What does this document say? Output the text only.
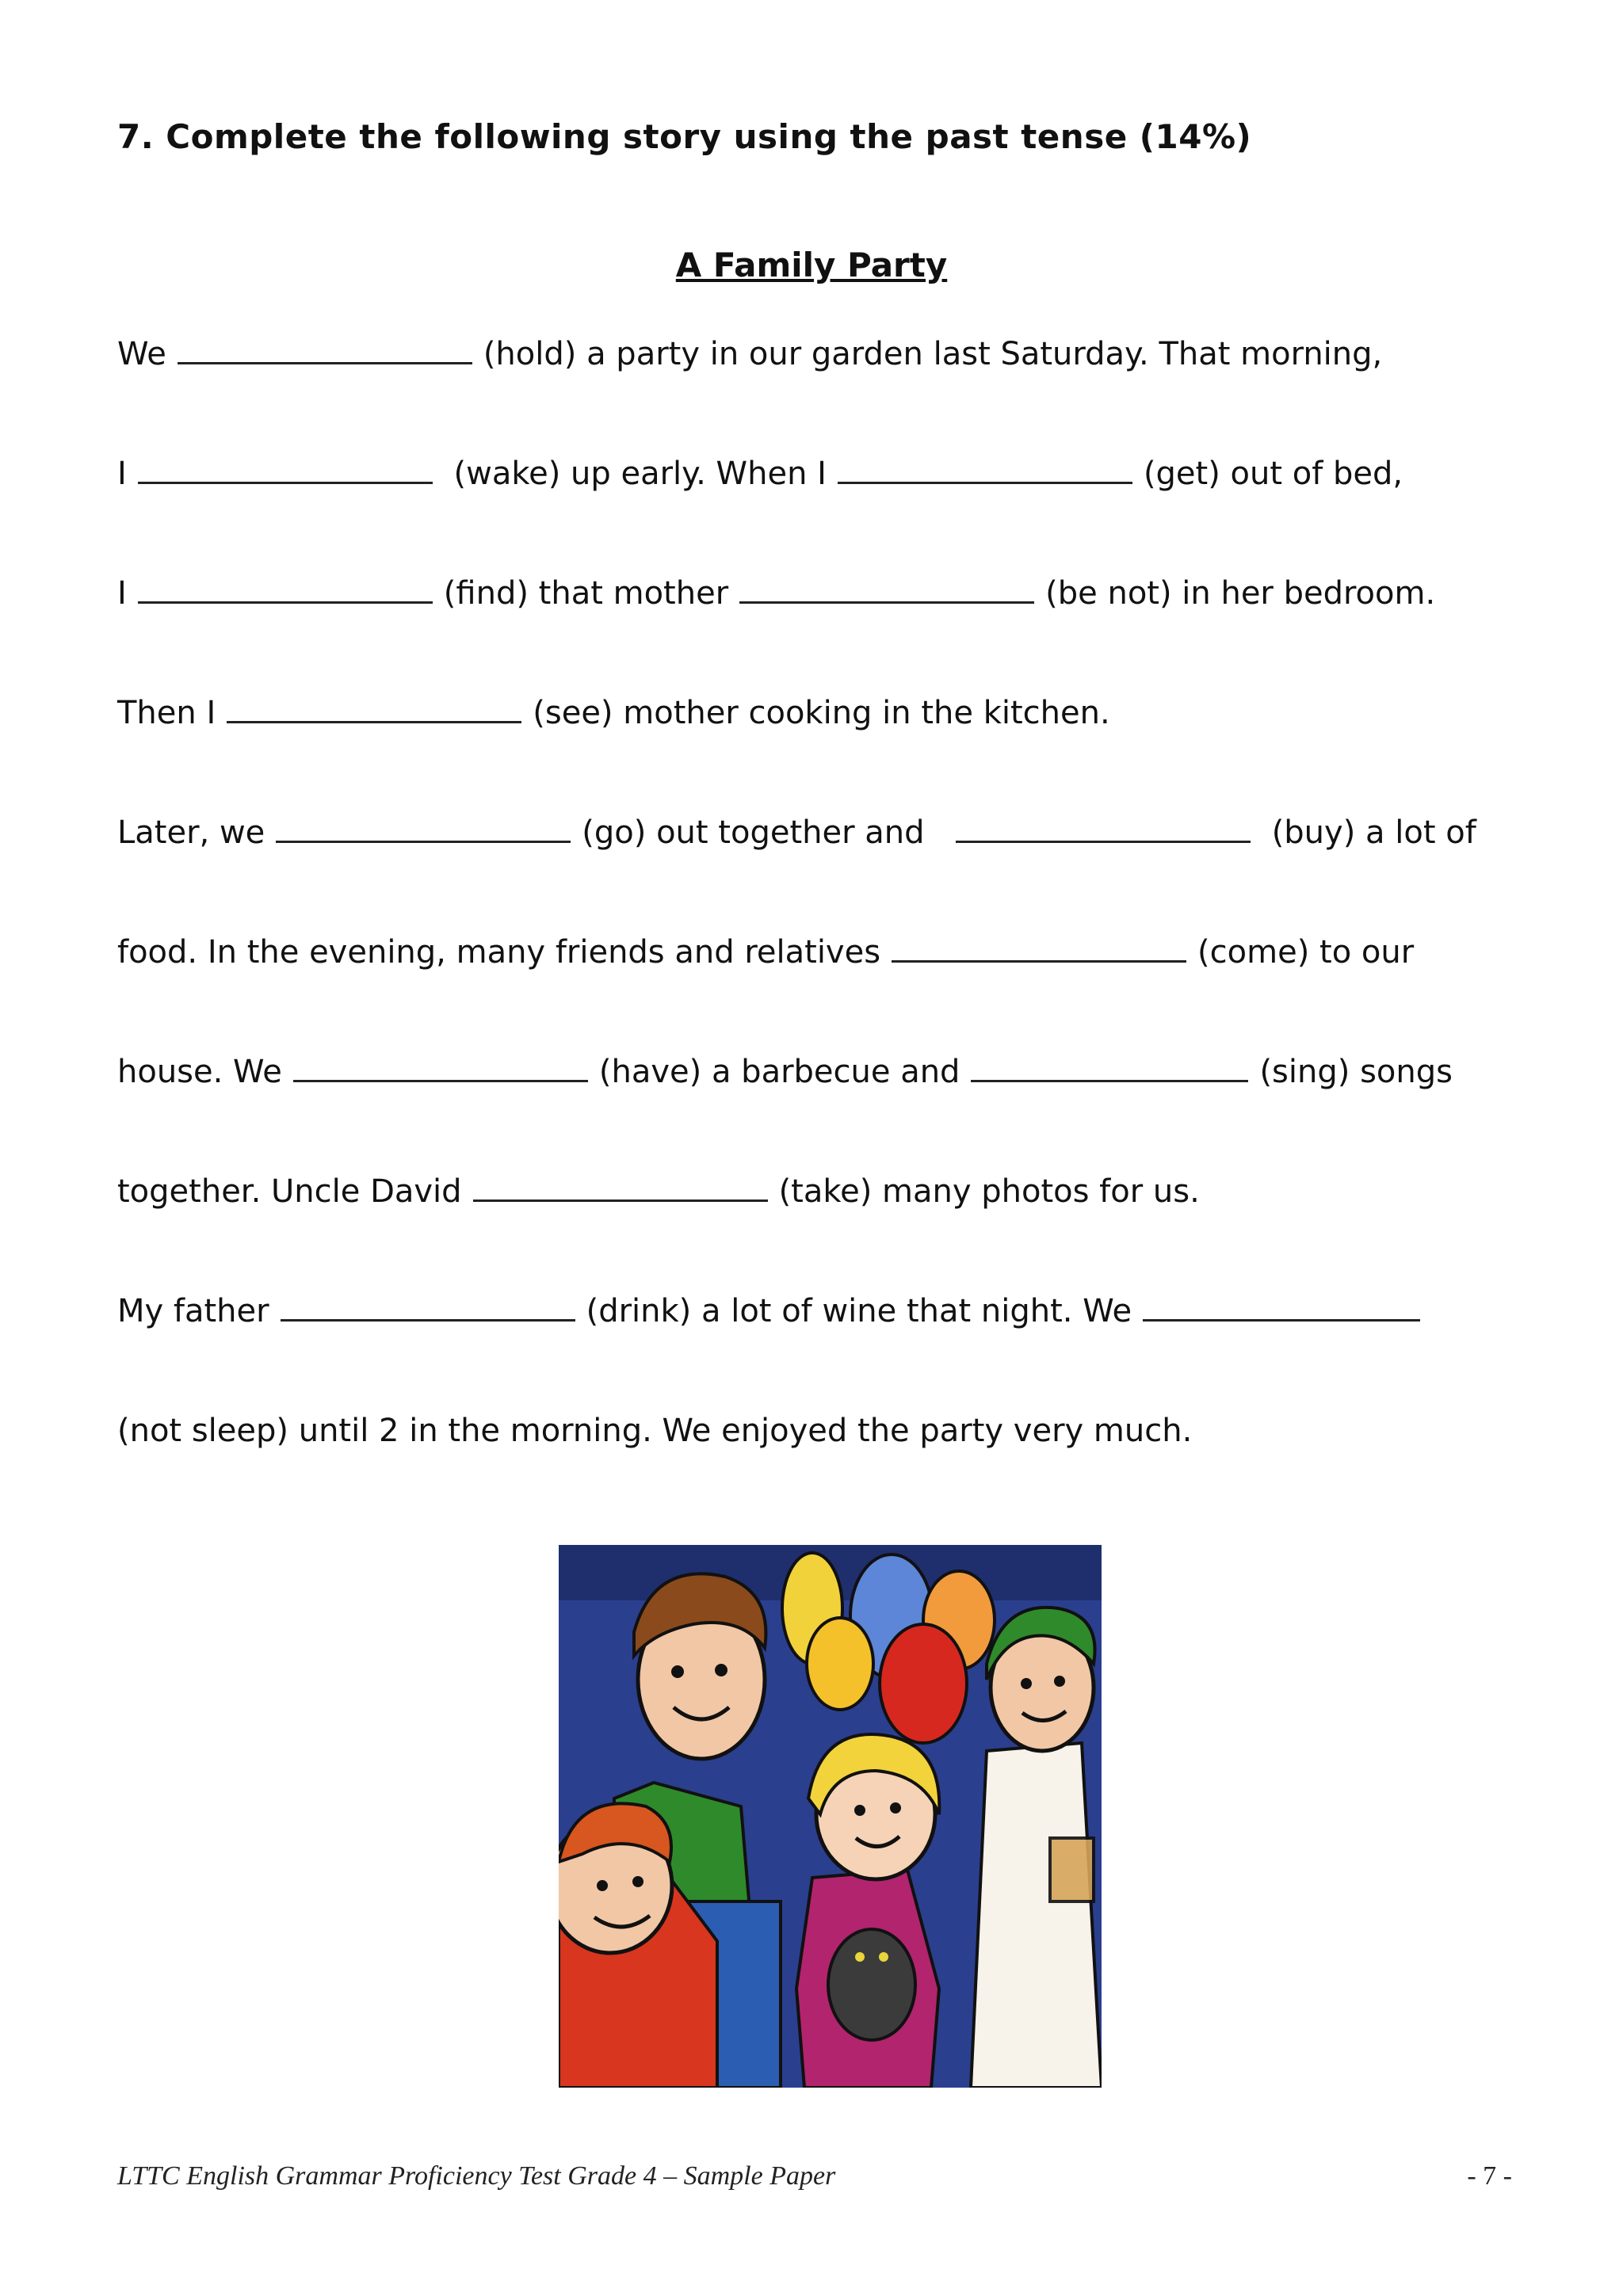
7. Complete the following story using the past tense (14%)
A Family Party
We	(hold) a party in our garden last Saturday. That morning,
I	(wake) up early. When I	(get) out of bed,
I	(find) that mother	(be not) in her bedroom.
Then I	(see) mother cooking in the kitchen.
Later, we	(go) out together and	(buy) a lot of
food. In the evening, many friends and relatives	(come) to our
house. We	(have) a barbecue and	(sing) songs
together. Uncle David	(take) many photos for us.
My father	(drink) a lot of wine that night. We
(not sleep) until 2 in the morning. We enjoyed the party very much.
LTTC English Grammar Proficiency Test Grade 4 – Sample Paper	- 7 -
